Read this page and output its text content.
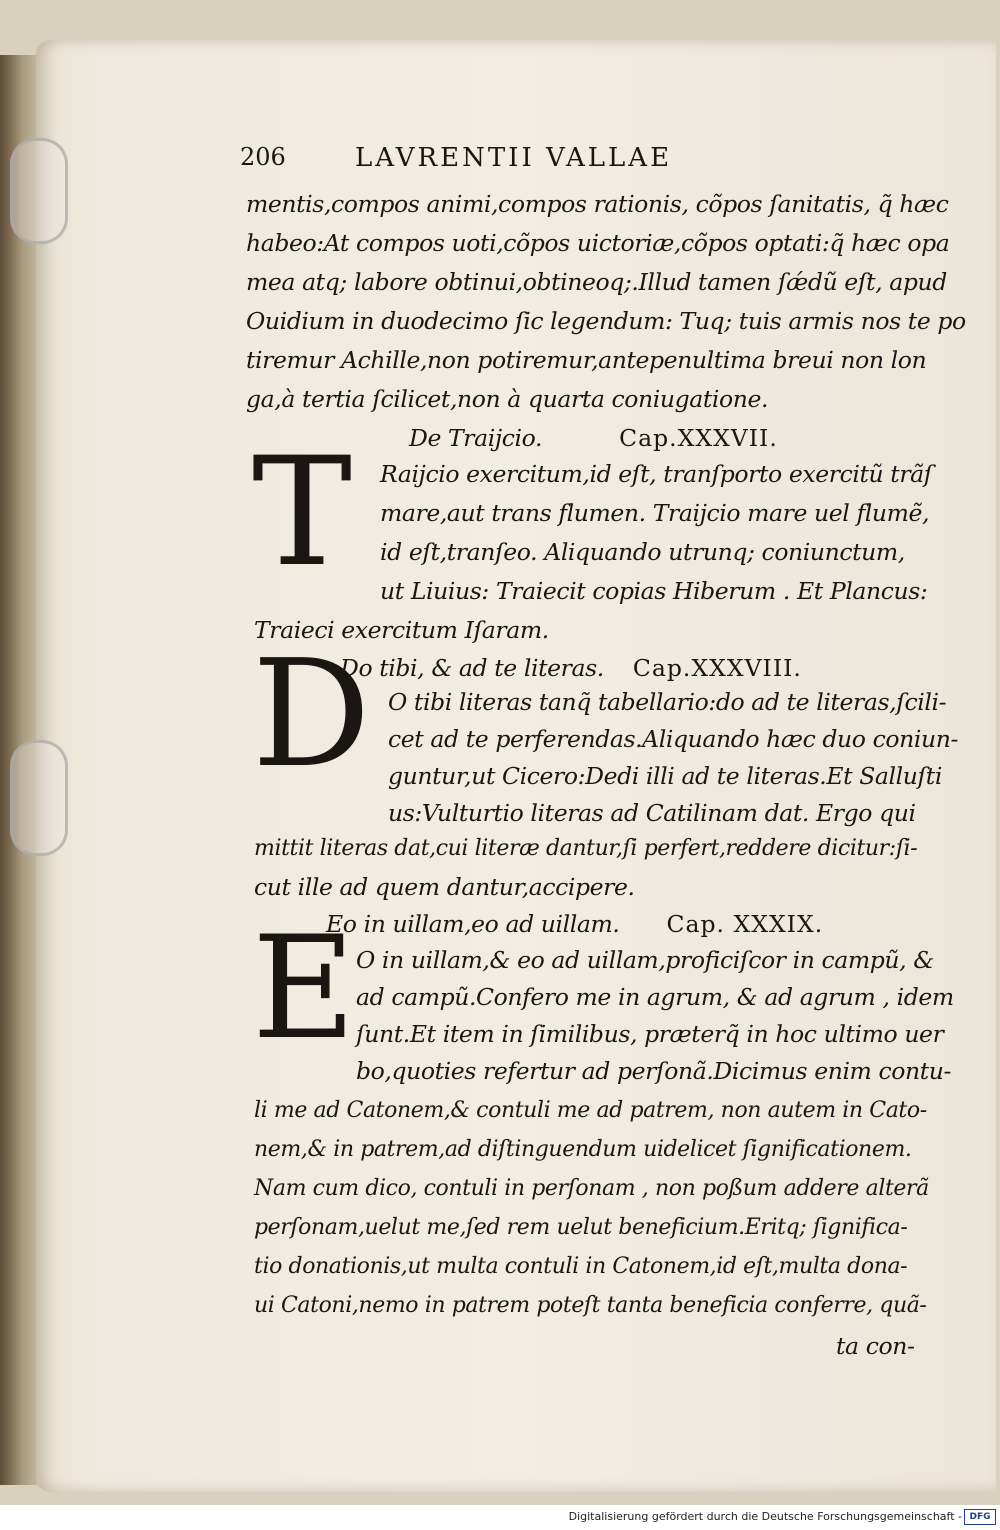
206	LAVRENTII VALLAE
mentis,compos animi,compos rationis, cõpos ſanitatis, q̃ hæc
habeo:At compos uoti,cõpos uictoriæ,cõpos optati:q̃ hæc opa
mea atq; labore obtinui,obtineoq;.Illud tamen ſǽdũ eſt, apud
Ouidium in duodecimo ſic legendum: Tuq; tuis armis nos te po
tiremur Achille,non potiremur,antepenultima breui non lon
ga,à tertia ſcilicet,non à quarta coniugatione.
De Traijcio.	Cap.XXXVII.
T Raijcio exercitum,id eſt, tranſporto exercitũ trãſ
mare,aut trans flumen. Traijcio mare uel flumẽ,
id eſt,tranſeo. Aliquando utrunq; coniunctum,
ut Liuius: Traiecit copias Hiberum . Et Plancus:
Traieci exercitum Iſaram.
Do tibi, & ad te literas. Cap.XXXVIII.
D O tibi literas tanq̃ tabellario:do ad te literas,ſcili-
cet ad te perferendas.Aliquando hæc duo coniun-
guntur,ut Cicero:Dedi illi ad te literas.Et Salluſti
us:Vulturtio literas ad Catilinam dat. Ergo qui
mittit literas dat,cui literæ dantur,ſi perfert,reddere dicitur:ſi-
cut ille ad quem dantur,accipere.
Eo in uillam,eo ad uillam. Cap. XXXIX.
E O in uillam,& eo ad uillam,proficiſcor in campũ, &
ad campũ.Confero me in agrum, & ad agrum , idem
ſunt.Et item in ſimilibus, præterq̃ in hoc ultimo uer
bo,quoties refertur ad perſonã.Dicimus enim contu-
li me ad Catonem,& contuli me ad patrem, non autem in Cato-
nem,& in patrem,ad diſtinguendum uidelicet ſignificationem.
Nam cum dico, contuli in perſonam , non poßum addere alterã
perſonam,uelut me,ſed rem uelut beneficium.Eritq; ſignifica-
tio donationis,ut multa contuli in Catonem,id eſt,multa dona-
ui Catoni,nemo in patrem poteſt tanta beneficia conferre, quã-
ta con-
Digitalisierung gefördert durch die Deutsche Forschungsgemeinschaft - DFG
